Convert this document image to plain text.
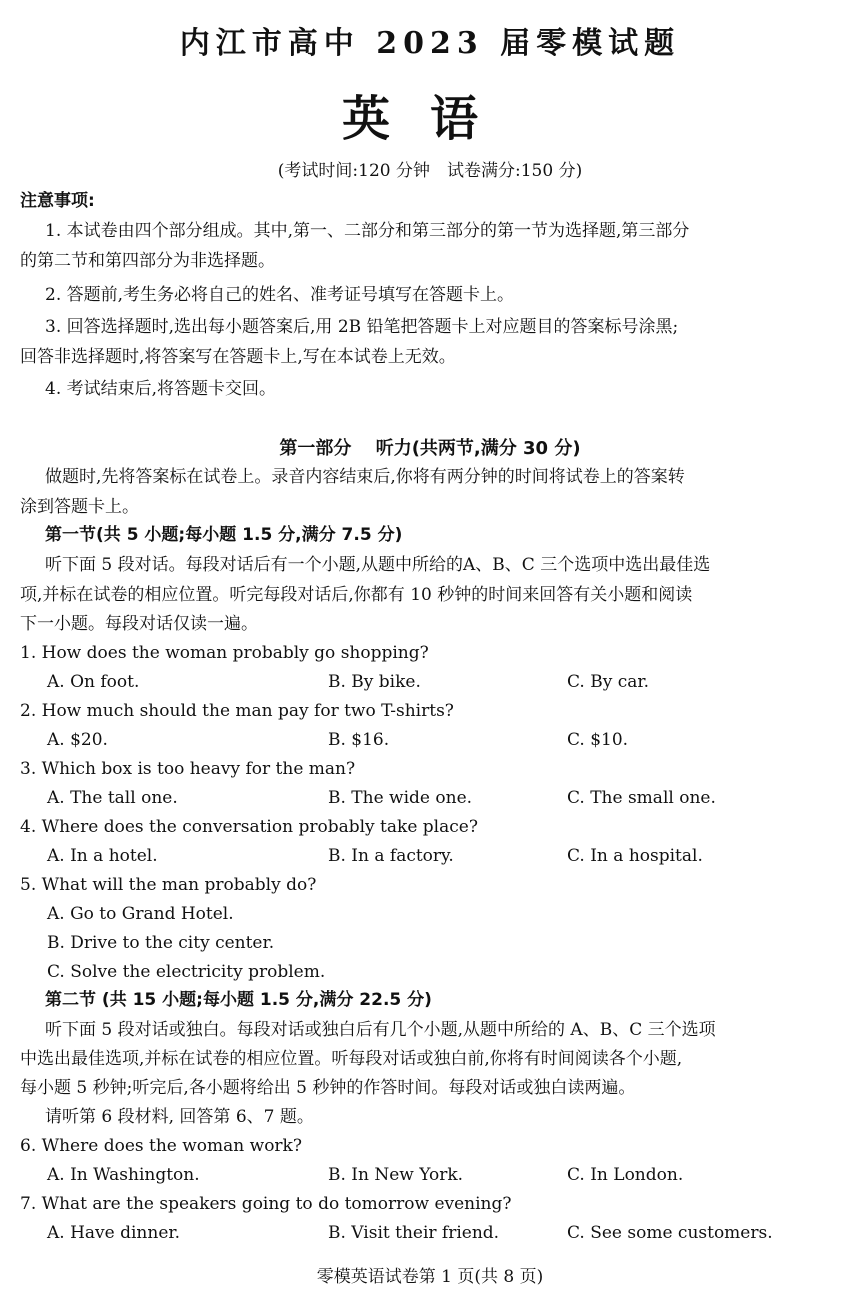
内江市高中 2023 届零模试题
英语
(考试时间:120 分钟　试卷满分:150 分)
注意事项:
1. 本试卷由四个部分组成。其中,第一、二部分和第三部分的第一节为选择题,第三部分
的第二节和第四部分为非选择题。
2. 答题前,考生务必将自己的姓名、准考证号填写在答题卡上。
3. 回答选择题时,选出每小题答案后,用 2B 铅笔把答题卡上对应题目的答案标号涂黑;
回答非选择题时,将答案写在答题卡上,写在本试卷上无效。
4. 考试结束后,将答题卡交回。
第一部分　 听力(共两节,满分 30 分)
做题时,先将答案标在试卷上。录音内容结束后,你将有两分钟的时间将试卷上的答案转
涂到答题卡上。
第一节(共 5 小题;每小题 1.5 分,满分 7.5 分)
听下面 5 段对话。每段对话后有一个小题,从题中所给的A、B、C 三个选项中选出最佳选
项,并标在试卷的相应位置。听完每段对话后,你都有 10 秒钟的时间来回答有关小题和阅读
下一小题。每段对话仅读一遍。
1. How does the woman probably go shopping?
A. On foot.	B. By bike.	C. By car.
2. How much should the man pay for two T-shirts?
A. $20.	B. $16.	C. $10.
3. Which box is too heavy for the man?
A. The tall one.	B. The wide one.	C. The small one.
4. Where does the conversation probably take place?
A. In a hotel.	B. In a factory.	C. In a hospital.
5. What will the man probably do?
A. Go to Grand Hotel.
B. Drive to the city center.
C. Solve the electricity problem.
第二节 (共 15 小题;每小题 1.5 分,满分 22.5 分)
听下面 5 段对话或独白。每段对话或独白后有几个小题,从题中所给的 A、B、C 三个选项
中选出最佳选项,并标在试卷的相应位置。听每段对话或独白前,你将有时间阅读各个小题,
每小题 5 秒钟;听完后,各小题将给出 5 秒钟的作答时间。每段对话或独白读两遍。
请听第 6 段材料, 回答第 6、7 题。
6. Where does the woman work?
A. In Washington.	B. In New York.	C. In London.
7. What are the speakers going to do tomorrow evening?
A. Have dinner.	B. Visit their friend.	C. See some customers.
零模英语试卷第 1 页(共 8 页)
